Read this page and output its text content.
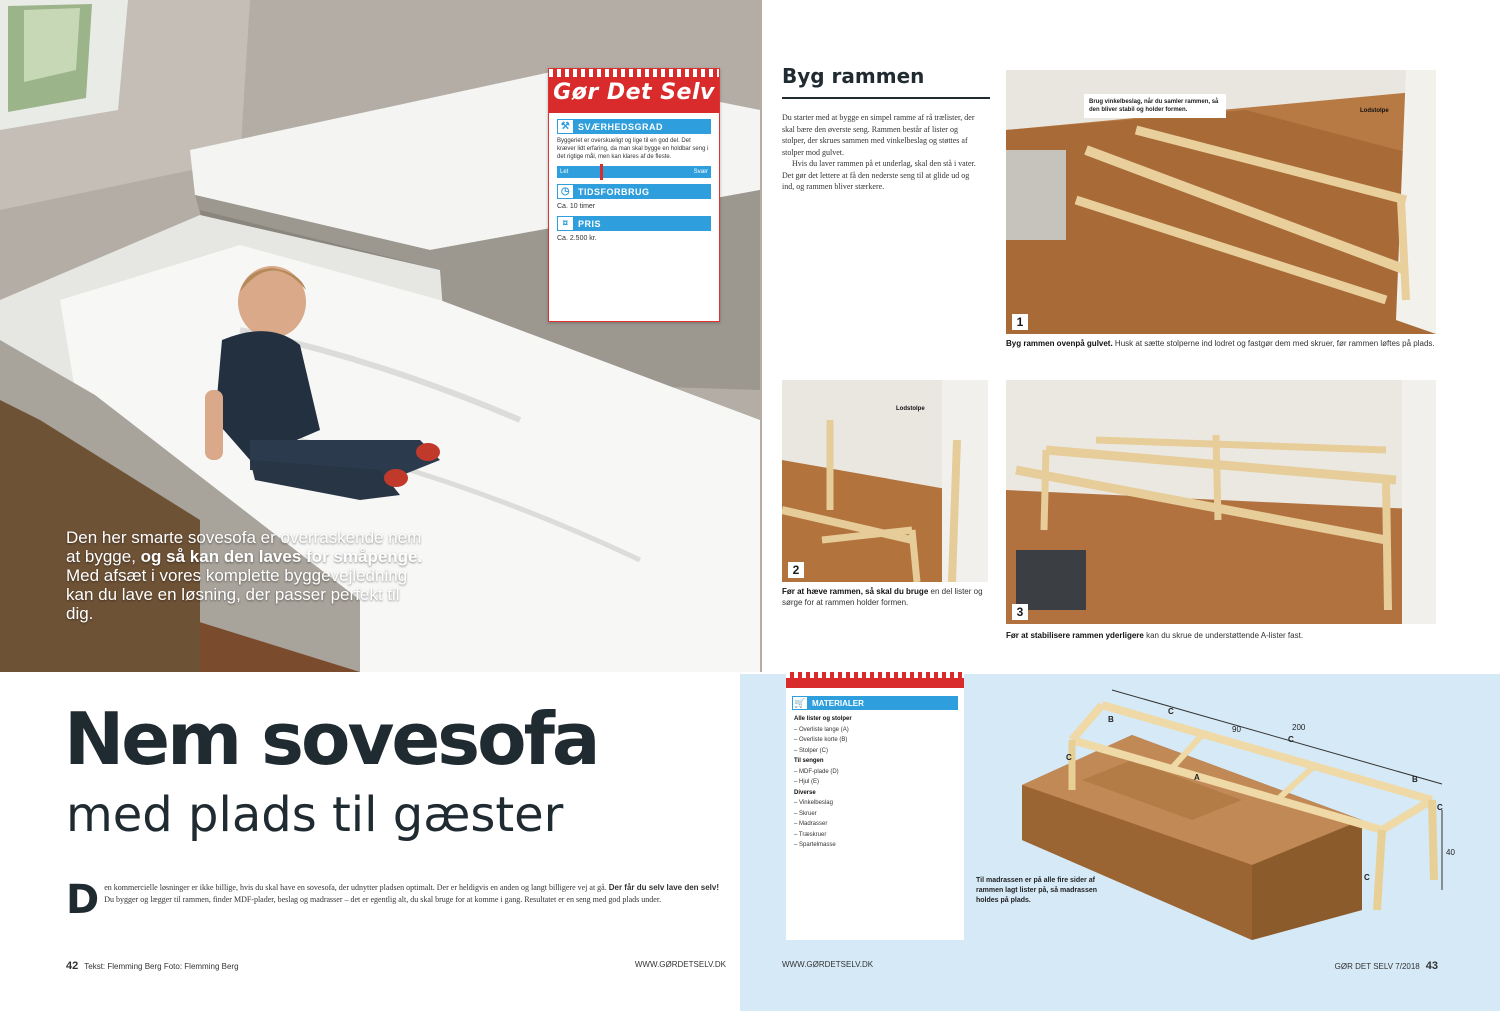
Den her smarte sovesofa er overraskende nem at bygge, og så kan den laves for småpenge. Med afsæt i vores komplette byggevejledning kan du lave en løsning, der passer perfekt til dig.
Gør Det Selv
⚒ SVÆRHEDSGRAD
Byggeriet er overskueligt og lige til en god del. Det kræver lidt erfaring, da man skal bygge en holdbar seng i det rigtige mål, men kan klares af de fleste.
Let	Svær
◷ TIDSFORBRUG
Ca. 10 timer
¤	PRIS
Ca. 2.500 kr.
Nem sovesofa
med plads til gæster
D en kommercielle løsninger er ikke billige, hvis du skal have en sovesofa, der udnytter pladsen optimalt. Der er heldigvis en anden og langt billigere vej at gå. Der får du selv lave den selv! Du bygger og lægger til rammen, finder MDF-plader, beslag og madrasser – det er egentlig alt, du skal bruge for at komme i gang. Resultatet er en seng med god plads under.
42 Tekst: Flemming Berg Foto: Flemming Berg	WWW.GØRDETSELV.DK
Byg rammen

Du starter med at bygge en simpel ramme af rå trælister, der skal bære den øverste seng. Rammen består af lister og stolper, der skrues sammen med vinkelbeslag og støttes af stolper mod gulvet.

Hvis du laver rammen på et underlag, skal den stå i vater. Det gør det lettere at få den nederste seng til at glide ud og ind, og rammen bliver stærkere.

Brug vinkelbeslag, når du samler rammen, så den bliver stabil og holder formen.	Lodstolpe
1
Byg rammen ovenpå gulvet. Husk at sætte stolperne ind lodret og fastgør dem med skruer, før rammen løftes på plads.
Lodstolpe
2
Før at hæve rammen, så skal du bruge en del lister og sørge for at rammen holder formen.
3
Før at stabilisere rammen yderligere kan du skrue de understøttende A-lister fast.
🛒 MATERIALER
Alle lister og stolper
– Overliste lange (A)
– Overliste korte (B)
– Stolper (C)
Til sengen
– MDF-plade (D)
– Hjul (E)
Diverse
– Vinkelbeslag
– Skruer
– Madrasser
– Træskruer
– Spartelmasse
200
90
40
B
C
C
C
A
C
B
C
Til madrassen er på alle fire sider af rammen lagt lister på, så madrassen holdes på plads.
WWW.GØRDETSELV.DK	GØR DET SELV 7/2018 43
